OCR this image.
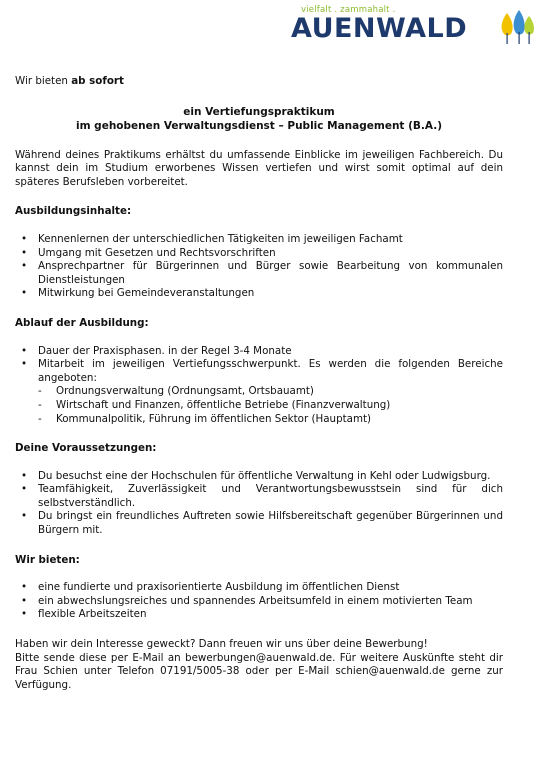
vielfalt . zammahalt .
AUENWALD

Wir bieten ab sofort

ein Vertiefungspraktikum
im gehobenen Verwaltungsdienst – Public Management (B.A.)

Während deines Praktikums erhältst du umfassende Einblicke im jeweiligen Fachbereich. Du kannst dein im Studium erworbenes Wissen vertiefen und wirst somit optimal auf dein späteres Berufsleben vorbereitet.

Ausbildungsinhalte:

• Kennenlernen der unterschiedlichen Tätigkeiten im jeweiligen Fachamt
• Umgang mit Gesetzen und Rechtsvorschriften
• Ansprechpartner für Bürgerinnen und Bürger sowie Bearbeitung von kommunalen Dienstleistungen
• Mitwirkung bei Gemeindeveranstaltungen

Ablauf der Ausbildung:

• Dauer der Praxisphasen. in der Regel 3-4 Monate
• Mitarbeit im jeweiligen Vertiefungsschwerpunkt. Es werden die folgenden Bereiche angeboten:
- Ordnungsverwaltung (Ordnungsamt, Ortsbauamt)
- Wirtschaft und Finanzen, öffentliche Betriebe (Finanzverwaltung)
- Kommunalpolitik, Führung im öffentlichen Sektor (Hauptamt)

Deine Voraussetzungen:

• Du besuchst eine der Hochschulen für öffentliche Verwaltung in Kehl oder Ludwigsburg.
• Teamfähigkeit, Zuverlässigkeit und Verantwortungsbewusstsein sind für dich selbstverständlich.
• Du bringst ein freundliches Auftreten sowie Hilfsbereitschaft gegenüber Bürgerinnen und Bürgern mit.

Wir bieten:

• eine fundierte und praxisorientierte Ausbildung im öffentlichen Dienst
• ein abwechslungsreiches und spannendes Arbeitsumfeld in einem motivierten Team
• flexible Arbeitszeiten

Haben wir dein Interesse geweckt? Dann freuen wir uns über deine Bewerbung!

Bitte sende diese per E-Mail an bewerbungen@auenwald.de. Für weitere Auskünfte steht dir Frau Schien unter Telefon 07191/5005-38 oder per E-Mail schien@auenwald.de gerne zur Verfügung.
